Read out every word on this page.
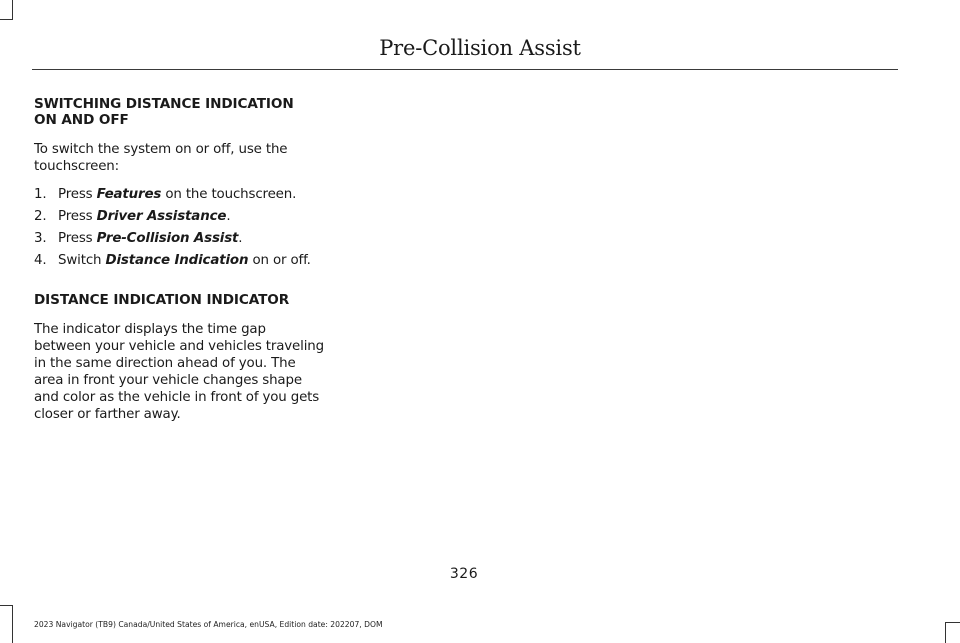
Pre-Collision Assist
SWITCHING DISTANCE INDICATION
ON AND OFF

To switch the system on or off, use the touchscreen:

1. Press Features on the touchscreen.
2. Press Driver Assistance.
3. Press Pre-Collision Assist.
4. Switch Distance Indication on or off.
DISTANCE INDICATION INDICATOR

The indicator displays the time gap between your vehicle and vehicles traveling in the same direction ahead of you. The area in front your vehicle changes shape and color as the vehicle in front of you gets closer or farther away.

326
2023 Navigator (TB9) Canada/United States of America, enUSA, Edition date: 202207, DOM
